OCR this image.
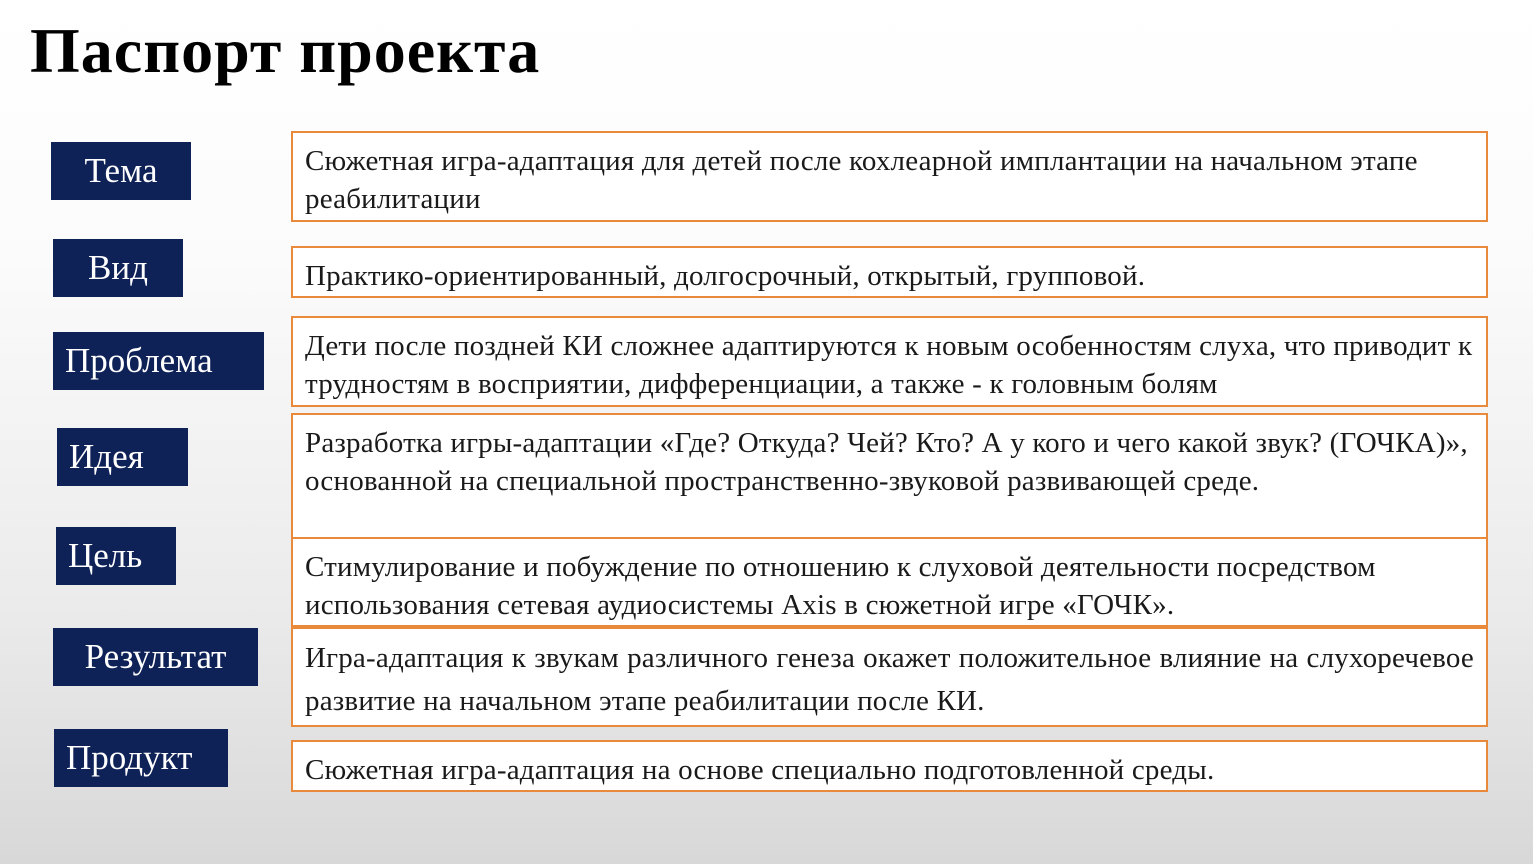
Паспорт проекта
Тема	Сюжетная игра-адаптация для детей после кохлеарной имплантации на начальном этапе реабилитации
Вид	Практико-ориентированный, долгосрочный, открытый, групповой.
Проблема	Дети после поздней КИ сложнее адаптируются к новым особенностям слуха, что приводит к трудностям в восприятии, дифференциации, а также - к головным болям
Идея	Разработка игры-адаптации «Где? Откуда? Чей? Кто? А у кого и чего какой звук? (ГОЧКА)», основанной на специальной пространственно-звуковой развивающей среде.
Цель	Стимулирование и побуждение по отношению к слуховой деятельности посредством использования сетевая аудиосистемы Axis в сюжетной игре «ГОЧК».
Результат	Игра-адаптация к звукам различного генеза окажет положительное влияние на слухоречевое развитие на начальном этапе реабилитации после КИ.
Продукт	Сюжетная игра-адаптация на основе специально подготовленной среды.
